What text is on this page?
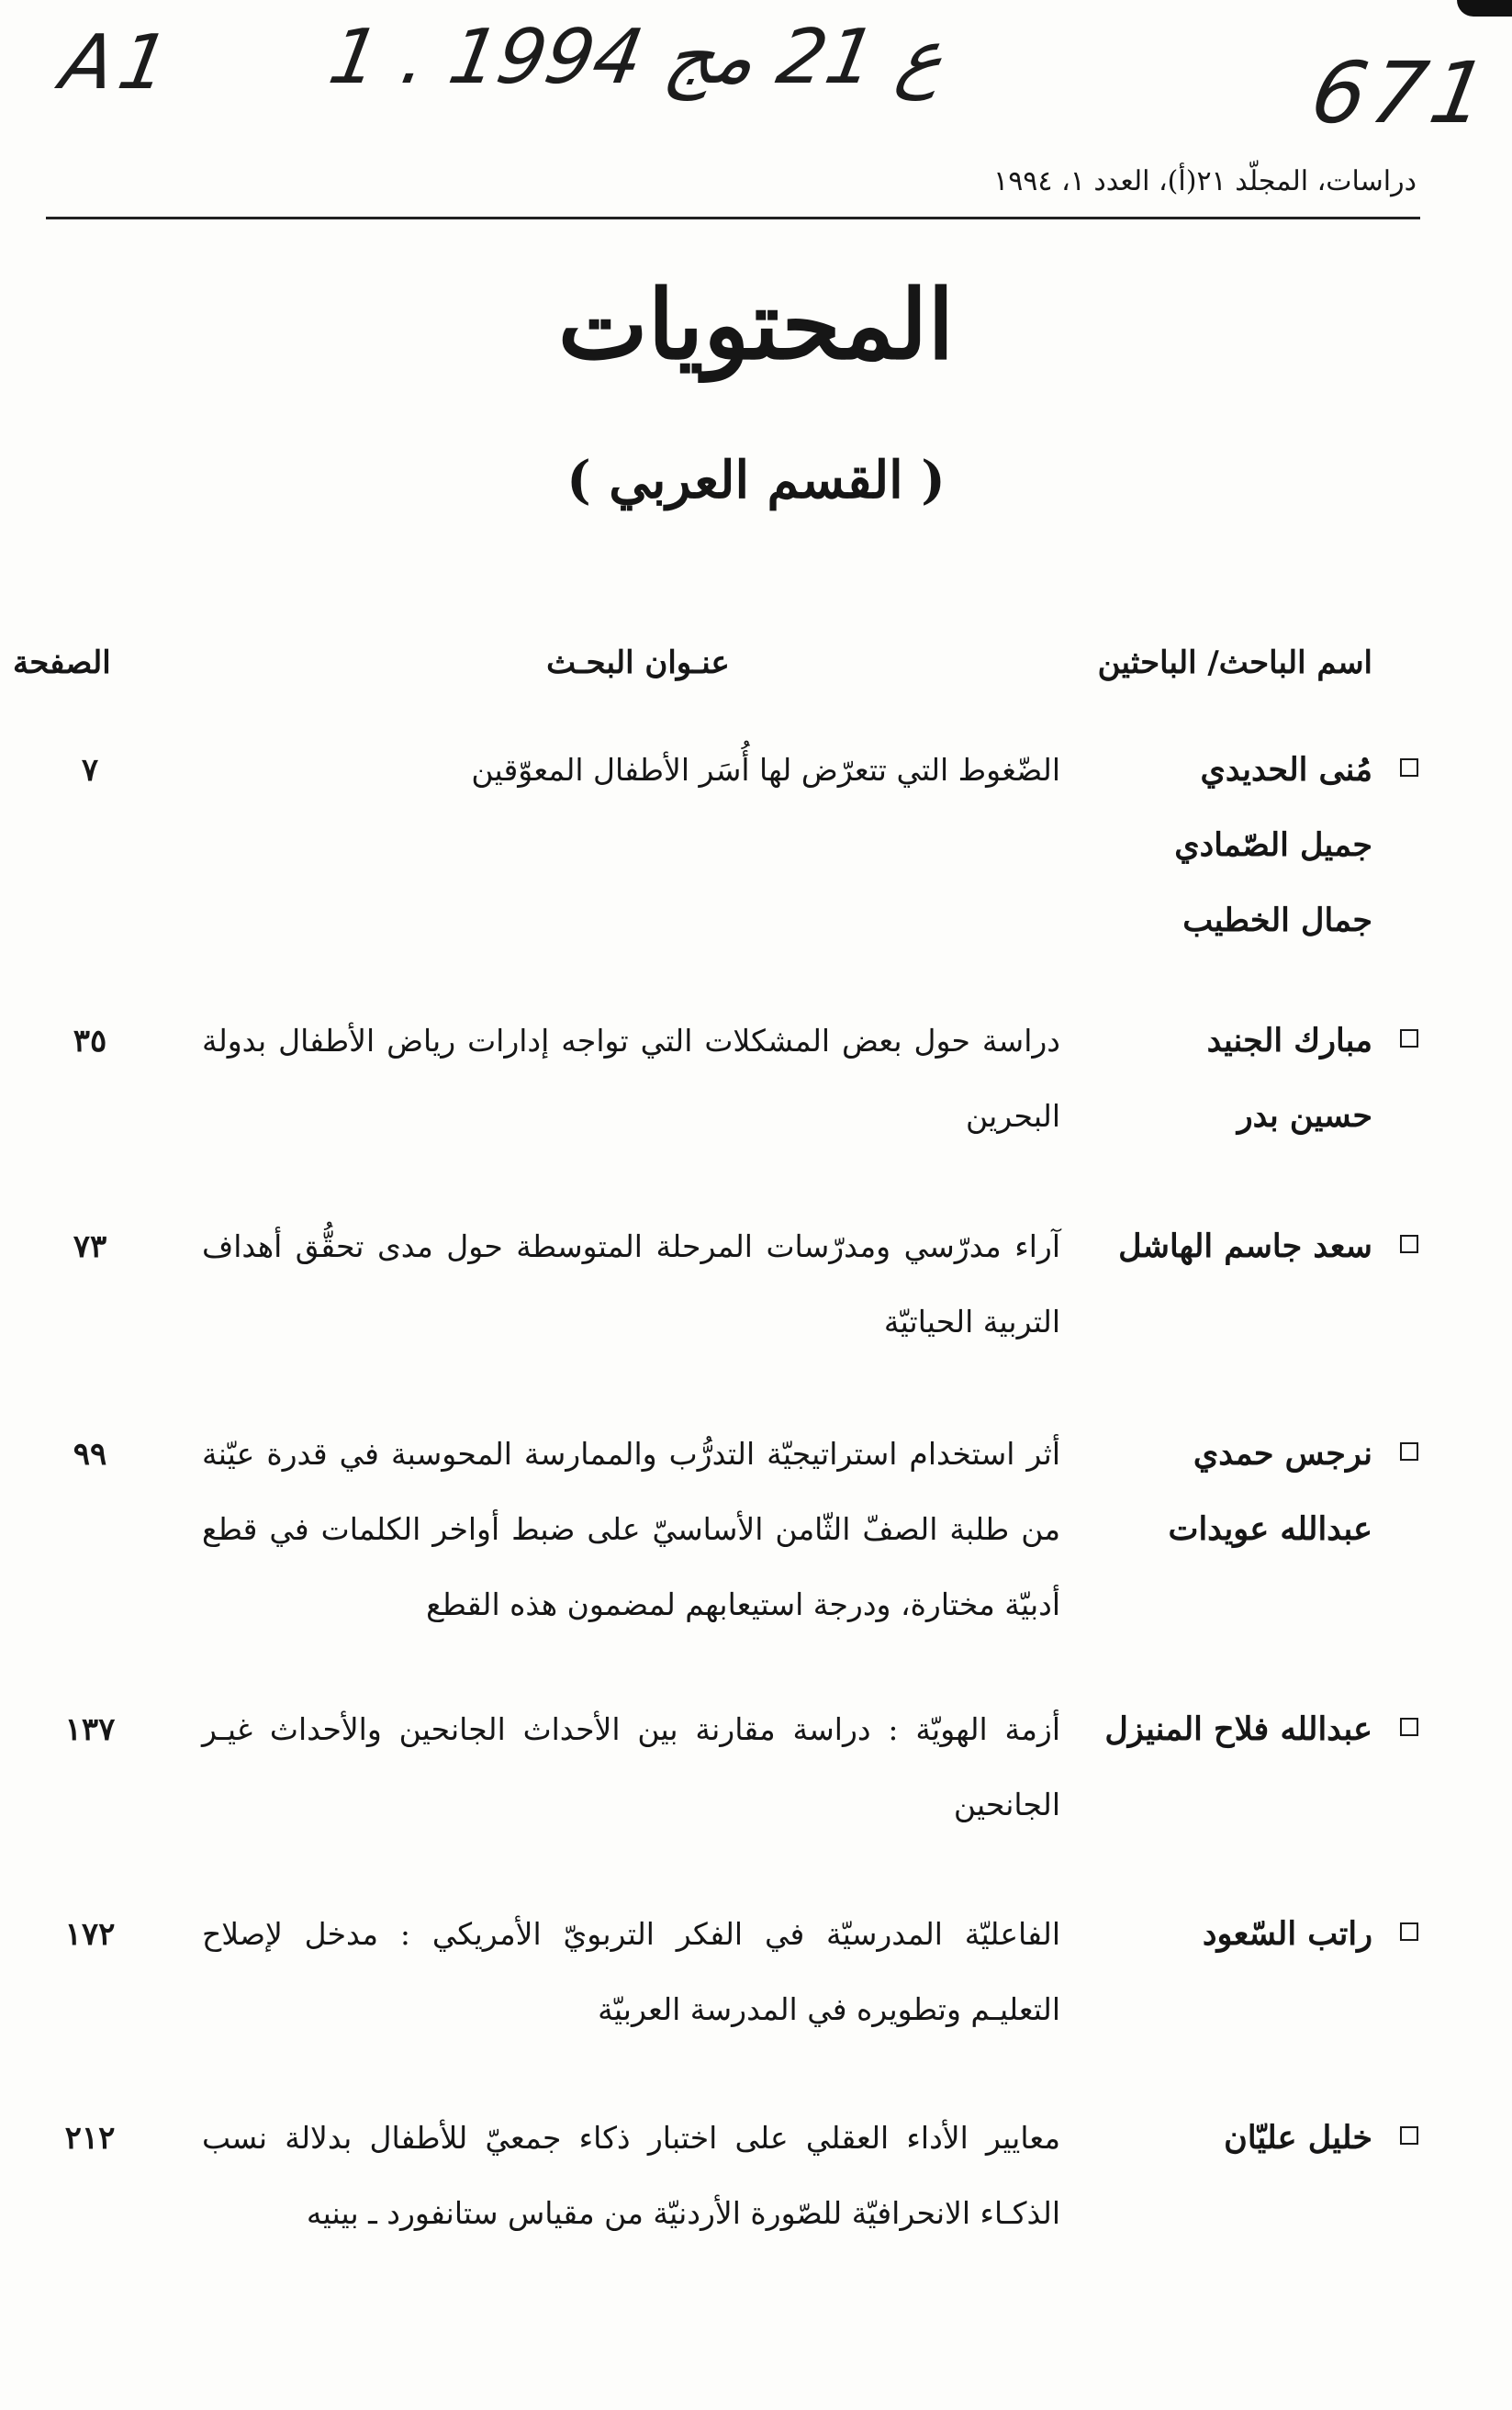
A1 1 . ع 21 مج 1994	671
دراسات، المجلّد ٢١(أ)، العدد ١، ١٩٩٤
المحتويات
( القسم العربي )
اسم الباحث/ الباحثين
عنـوان البحـث
الصفحة
مُنى الحديدي
جميل الصّمادي
جمال الخطيب
الضّغوط التي تتعرّض لها أُسَر الأطفال المعوّقين
٧
مبارك الجنيد
حسين بدر
دراسة حول بعض المشكلات التي تواجه إدارات رياض الأطفال بدولة البحرين
٣٥
سعد جاسم الهاشل
آراء مدرّسي ومدرّسات المرحلة المتوسطة حول مدى تحقُّق أهداف التربية الحياتيّة
٧٣
نرجس حمدي
عبدالله عويدات
أثر استخدام استراتيجيّة التدرُّب والممارسة المحوسبة في قدرة عيّنة من طلبة الصفّ الثّامن الأساسيّ على ضبط أواخر الكلمات في قطع أدبيّة مختارة، ودرجة استيعابهم لمضمون هذه القطع
٩٩
عبدالله فلاح المنيزل
أزمة الهويّة : دراسة مقارنة بين الأحداث الجانحين والأحداث غيـر الجانحين
١٣٧
راتب السّعود
الفاعليّة المدرسيّة في الفكر التربويّ الأمريكي : مدخل لإصلاح التعليـم وتطويره في المدرسة العربيّة
١٧٢
خليل عليّان
معايير الأداء العقلي على اختبار ذكاء جمعيّ للأطفال بدلالة نسب الذكـاء الانحرافيّة للصّورة الأردنيّة من مقياس ستانفورد ـ بينيه
٢١٢
